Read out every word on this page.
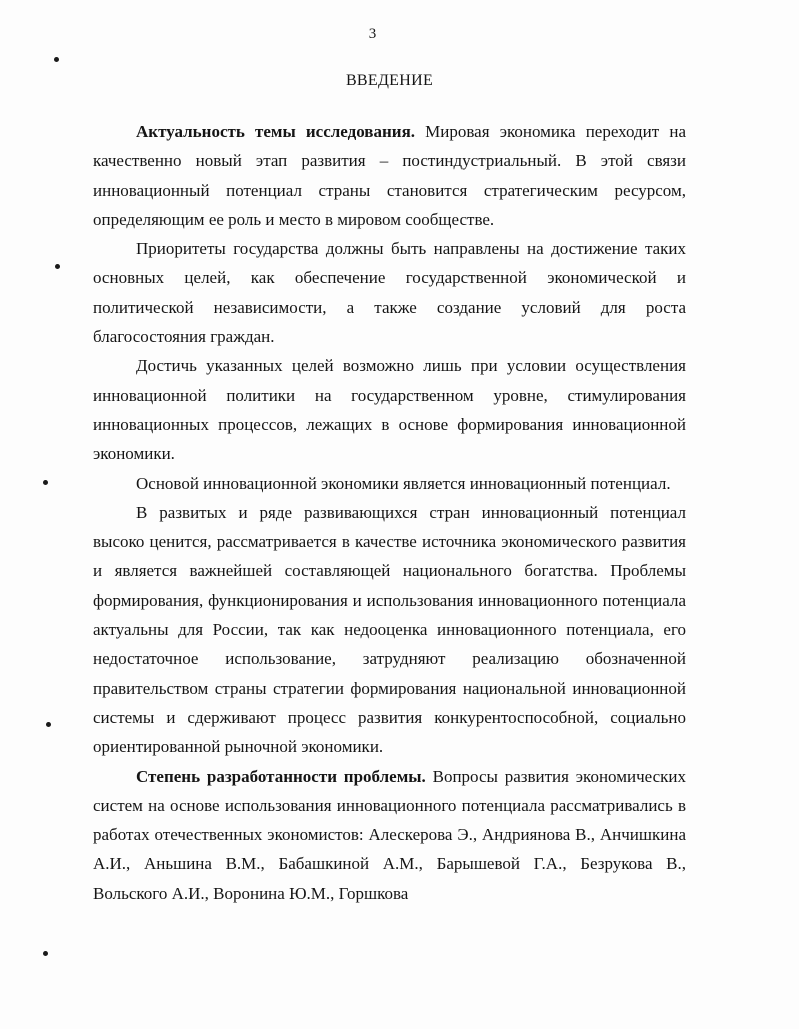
3
ВВЕДЕНИЕ

Актуальность темы исследования. Мировая экономика переходит на качественно новый этап развития – постиндустриальный. В этой связи инновационный потенциал страны становится стратегическим ресурсом, определяющим ее роль и место в мировом сообществе.

Приоритеты государства должны быть направлены на достижение таких основных целей, как обеспечение государственной экономической и политической независимости, а также создание условий для роста благосостояния граждан.

Достичь указанных целей возможно лишь при условии осуществления инновационной политики на государственном уровне, стимулирования инновационных процессов, лежащих в основе формирования инновационной экономики.

Основой инновационной экономики является инновационный потенциал.

В развитых и ряде развивающихся стран инновационный потенциал высоко ценится, рассматривается в качестве источника экономического развития и является важнейшей составляющей национального богатства. Проблемы формирования, функционирования и использования инновационного потенциала актуальны для России, так как недооценка инновационного потенциала, его недостаточное использование, затрудняют реализацию обозначенной правительством страны стратегии формирования национальной инновационной системы и сдерживают процесс развития конкурентоспособной, социально ориентированной рыночной экономики.

Степень разработанности проблемы. Вопросы развития экономических систем на основе использования инновационного потенциала рассматривались в работах отечественных экономистов: Алескерова Э., Андриянова В., Анчишкина А.И., Аньшина В.М., Бабашкиной А.М., Барышевой Г.А., Безрукова В., Вольского А.И., Воронина Ю.М., Горшкова
